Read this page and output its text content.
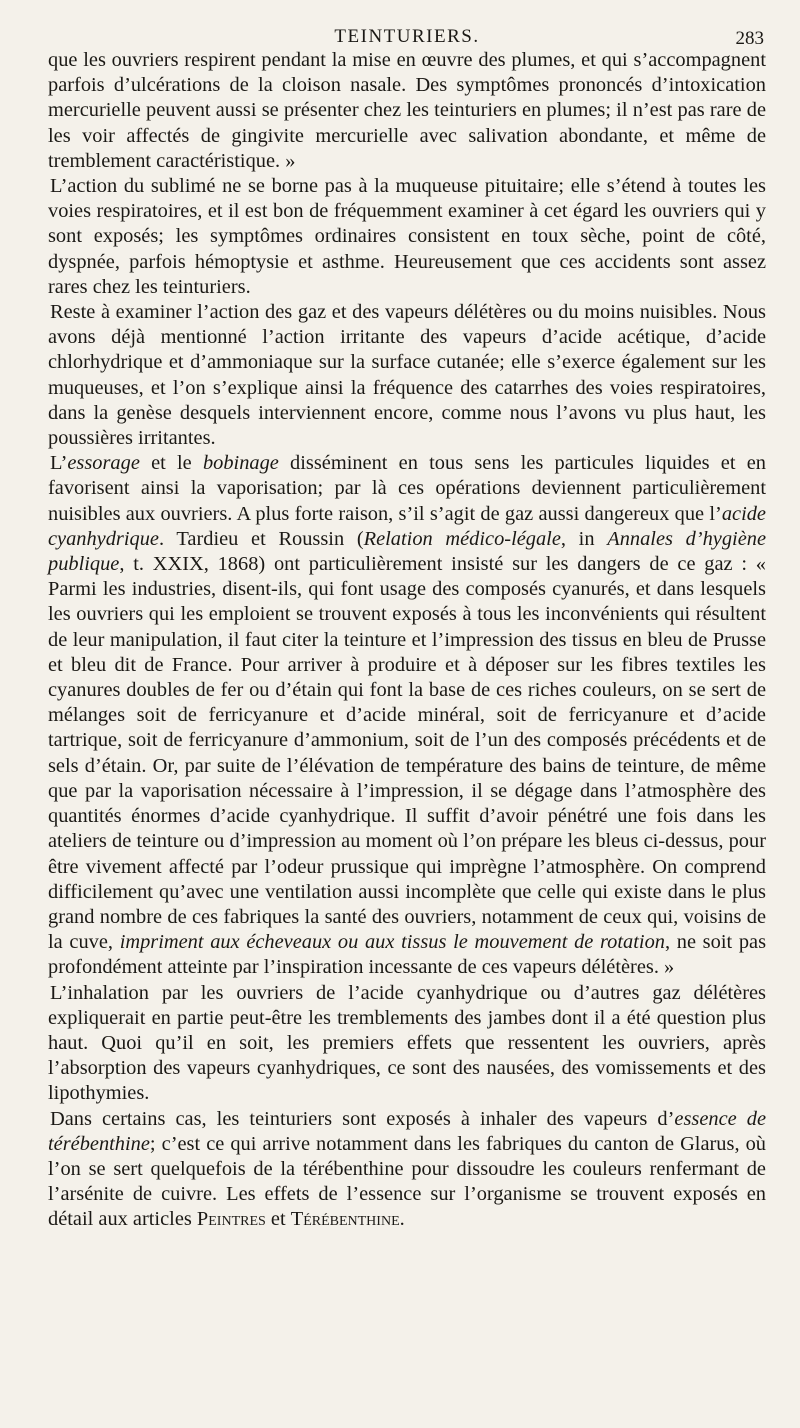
TEINTURIERS.	283

que les ouvriers respirent pendant la mise en œuvre des plumes, et qui s’accompagnent parfois d’ulcérations de la cloison nasale. Des symptômes prononcés d’intoxication mercurielle peuvent aussi se présenter chez les teinturiers en plumes; il n’est pas rare de les voir affectés de gingivite mercurielle avec salivation abondante, et même de tremblement caractéristique. »

L’action du sublimé ne se borne pas à la muqueuse pituitaire; elle s’étend à toutes les voies respiratoires, et il est bon de fréquemment examiner à cet égard les ouvriers qui y sont exposés; les symptômes ordinaires consistent en toux sèche, point de côté, dyspnée, parfois hémoptysie et asthme. Heureusement que ces accidents sont assez rares chez les teinturiers.

Reste à examiner l’action des gaz et des vapeurs délétères ou du moins nuisibles. Nous avons déjà mentionné l’action irritante des vapeurs d’acide acétique, d’acide chlorhydrique et d’ammoniaque sur la surface cutanée; elle s’exerce également sur les muqueuses, et l’on s’explique ainsi la fréquence des catarrhes des voies respiratoires, dans la genèse desquels interviennent encore, comme nous l’avons vu plus haut, les poussières irritantes.

L’essorage et le bobinage disséminent en tous sens les particules liquides et en favorisent ainsi la vaporisation; par là ces opérations deviennent particulièrement nuisibles aux ouvriers. A plus forte raison, s’il s’agit de gaz aussi dangereux que l’acide cyanhydrique. Tardieu et Roussin (Relation médico-légale, in Annales d’hygiène publique, t. XXIX, 1868) ont particulièrement insisté sur les dangers de ce gaz : « Parmi les industries, disent-ils, qui font usage des composés cyanurés, et dans lesquels les ouvriers qui les emploient se trouvent exposés à tous les inconvénients qui résultent de leur manipulation, il faut citer la teinture et l’impression des tissus en bleu de Prusse et bleu dit de France. Pour arriver à produire et à déposer sur les fibres textiles les cyanures doubles de fer ou d’étain qui font la base de ces riches couleurs, on se sert de mélanges soit de ferricyanure et d’acide minéral, soit de ferricyanure et d’acide tartrique, soit de ferricyanure d’ammonium, soit de l’un des composés précédents et de sels d’étain. Or, par suite de l’élévation de température des bains de teinture, de même que par la vaporisation nécessaire à l’impression, il se dégage dans l’atmosphère des quantités énormes d’acide cyanhydrique. Il suffit d’avoir pénétré une fois dans les ateliers de teinture ou d’impression au moment où l’on prépare les bleus ci-dessus, pour être vivement affecté par l’odeur prussique qui imprègne l’atmosphère. On comprend difficilement qu’avec une ventilation aussi incomplète que celle qui existe dans le plus grand nombre de ces fabriques la santé des ouvriers, notamment de ceux qui, voisins de la cuve, impriment aux écheveaux ou aux tissus le mouvement de rotation, ne soit pas profondément atteinte par l’inspiration incessante de ces vapeurs délétères. »

L’inhalation par les ouvriers de l’acide cyanhydrique ou d’autres gaz délétères expliquerait en partie peut-être les tremblements des jambes dont il a été question plus haut. Quoi qu’il en soit, les premiers effets que ressentent les ouvriers, après l’absorption des vapeurs cyanhydriques, ce sont des nausées, des vomissements et des lipothymies.

Dans certains cas, les teinturiers sont exposés à inhaler des vapeurs d’essence de térébenthine; c’est ce qui arrive notamment dans les fabriques du canton de Glarus, où l’on se sert quelquefois de la térébenthine pour dissoudre les couleurs renfermant de l’arsénite de cuivre. Les effets de l’essence sur l’organisme se trouvent exposés en détail aux articles Peintres et Térébenthine.
